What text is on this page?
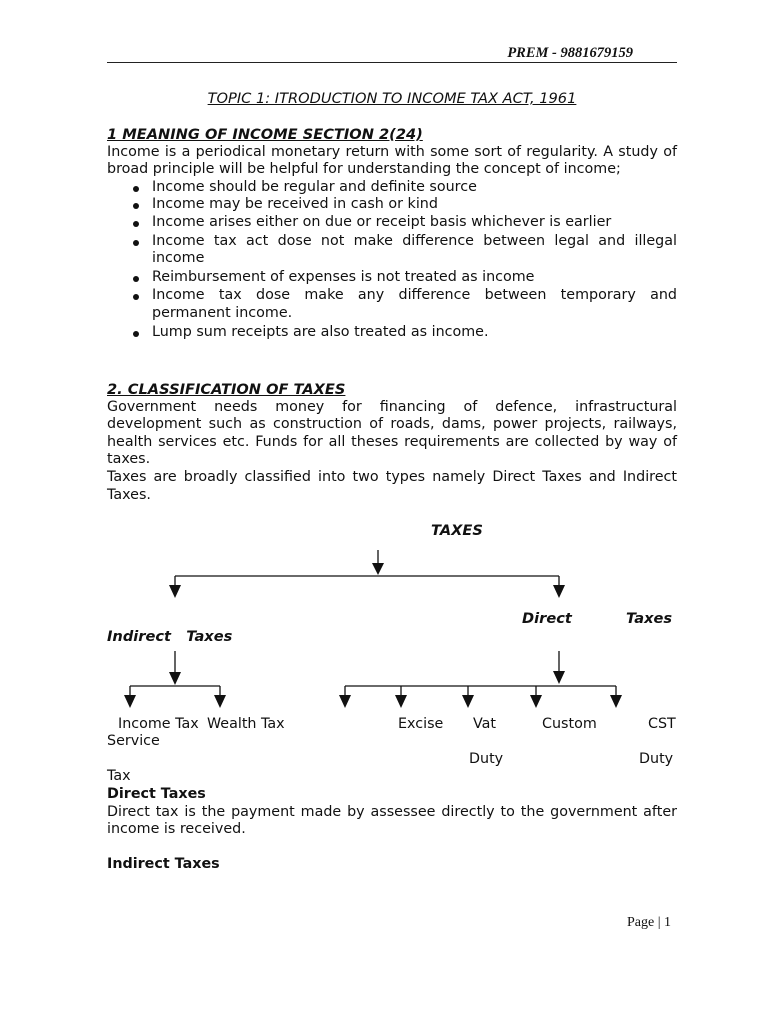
PREM - 9881679159
TOPIC 1: ITRODUCTION TO INCOME TAX ACT, 1961
1 MEANING OF INCOME SECTION 2(24)
Income is a periodical monetary return with some sort of regularity. A study of broad principle will be helpful for understanding the concept of income;
Income should be regular and definite source
Income may be received in cash or kind
Income arises either on due or receipt basis whichever is earlier
Income tax act dose not make difference between legal and illegal income
Reimbursement of expenses is not treated as income
Income tax dose make any difference between temporary and permanent income.
Lump sum receipts are also treated as income.
2. CLASSIFICATION OF TAXES
Government needs money for financing of defence, infrastructural development such as construction of roads, dams, power projects, railways, health services etc. Funds for all theses requirements are collected by way of taxes.
Taxes are broadly classified into two types namely Direct Taxes and Indirect Taxes.
TAXES
Direct	Taxes
Indirect   Taxes
Income Tax Wealth Tax
Service
Tax
Excise Vat	Custom	CST
Duty	Duty
Direct Taxes
Direct tax is the payment made by assessee directly to the government after income is received.
Indirect Taxes
Page | 1
